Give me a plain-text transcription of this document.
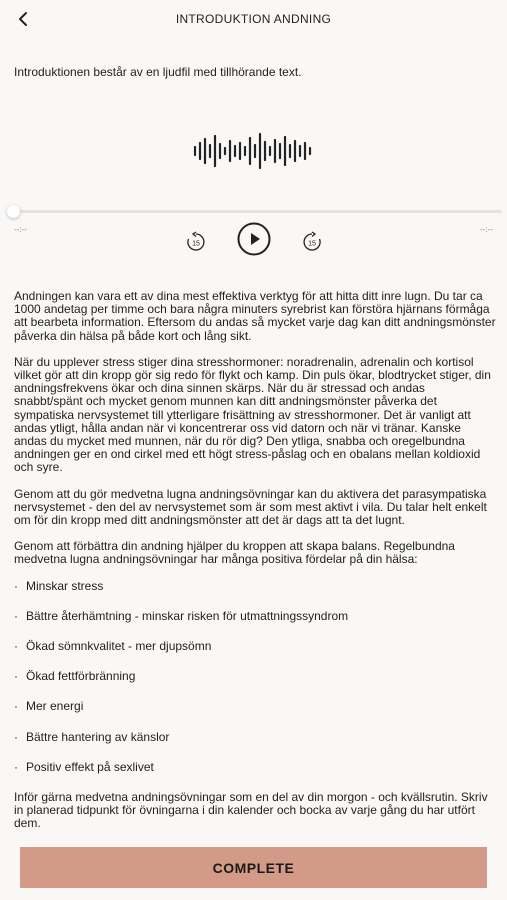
INTRODUKTION ANDNING
Introduktionen består av en ljudfil med tillhörande text.
--:--	--:--
15	15

Andningen kan vara ett av dina mest effektiva verktyg för att hitta ditt inre lugn. Du tar ca 1000 andetag per timme och bara några minuters syrebrist kan förstöra hjärnans förmåga att bearbeta information. Eftersom du andas så mycket varje dag kan ditt andningsmönster påverka din hälsa på både kort och lång sikt.

När du upplever stress stiger dina stresshormoner: noradrenalin, adrenalin och kortisol vilket gör att din kropp gör sig redo för flykt och kamp. Din puls ökar, blodtrycket stiger, din andningsfrekvens ökar och dina sinnen skärps. När du är stressad och andas snabbt/spänt och mycket genom munnen kan ditt andningsmönster påverka det sympatiska nervsystemet till ytterligare frisättning av stresshormoner. Det är vanligt att andas ytligt, hålla andan när vi koncentrerar oss vid datorn och när vi tränar. Kanske andas du mycket med munnen, när du rör dig? Den ytliga, snabba och oregelbundna andningen ger en ond cirkel med ett högt stress-påslag och en obalans mellan koldioxid och syre.

Genom att du gör medvetna lugna andningsövningar kan du aktivera det parasympatiska nervsystemet - den del av nervsystemet som är som mest aktivt i vila. Du talar helt enkelt om för din kropp med ditt andningsmönster att det är dags att ta det lugnt.

Genom att förbättra din andning hjälper du kroppen att skapa balans. Regelbundna medvetna lugna andningsövningar har många positiva fördelar på din hälsa:

· Minskar stress
· Bättre återhämtning - minskar risken för utmattningssyndrom
· Ökad sömnkvalitet - mer djupsömn
· Ökad fettförbränning
· Mer energi
· Bättre hantering av känslor
· Positiv effekt på sexlivet

Inför gärna medvetna andningsövningar som en del av din morgon - och kvällsrutin. Skriv in planerad tidpunkt för övningarna i din kalender och bocka av varje gång du har utfört dem.

COMPLETE
